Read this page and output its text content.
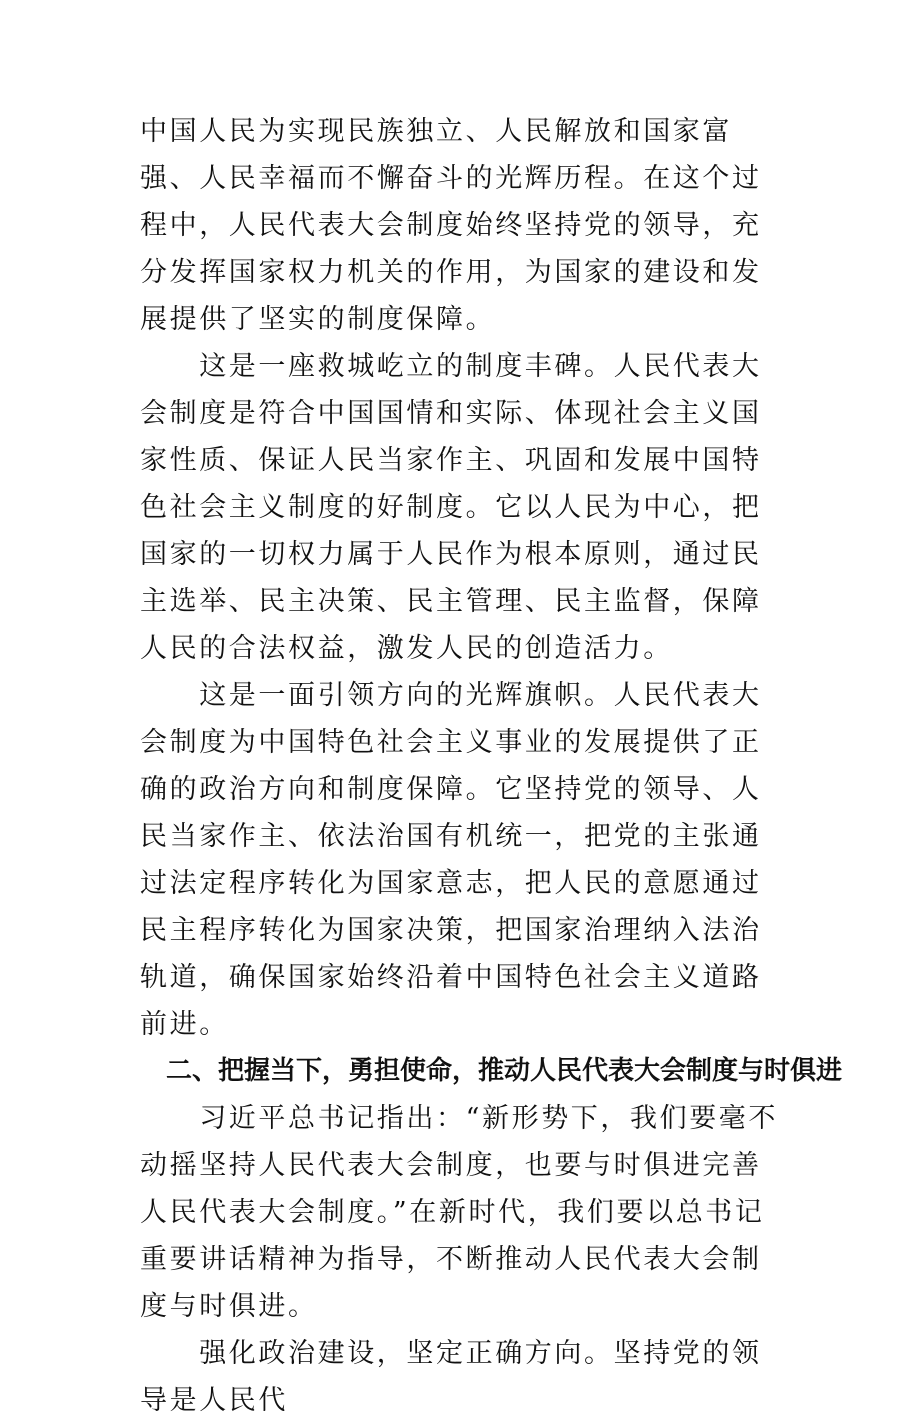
中国人民为实现民族独立、人民解放和国家富强、人民幸福而不懈奋斗的光辉历程。在这个过程中，人民代表大会制度始终坚持党的领导，充分发挥国家权力机关的作用，为国家的建设和发展提供了坚实的制度保障。

　　这是一座救城屹立的制度丰碑。人民代表大会制度是符合中国国情和实际、体现社会主义国家性质、保证人民当家作主、巩固和发展中国特色社会主义制度的好制度。它以人民为中心，把国家的一切权力属于人民作为根本原则，通过民主选举、民主决策、民主管理、民主监督，保障人民的合法权益，激发人民的创造活力。

　　这是一面引领方向的光辉旗帜。人民代表大会制度为中国特色社会主义事业的发展提供了正确的政治方向和制度保障。它坚持党的领导、人民当家作主、依法治国有机统一，把党的主张通过法定程序转化为国家意志，把人民的意愿通过民主程序转化为国家决策，把国家治理纳入法治轨道，确保国家始终沿着中国特色社会主义道路前进。

　二、把握当下，勇担使命，推动人民代表大会制度与时俱进

　　习近平总书记指出：“新形势下，我们要毫不动摇坚持人民代表大会制度，也要与时俱进完善人民代表大会制度。”在新时代，我们要以总书记重要讲话精神为指导，不断推动人民代表大会制度与时俱进。

　　强化政治建设，坚定正确方向。坚持党的领导是人民代
